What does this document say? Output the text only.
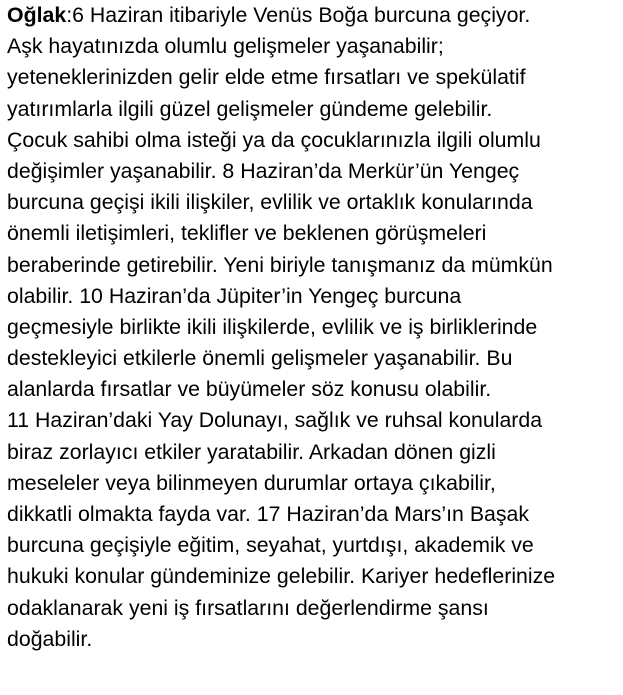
Oğlak:6 Haziran itibariyle Venüs Boğa burcuna geçiyor.
Aşk hayatınızda olumlu gelişmeler yaşanabilir;
yeteneklerinizden gelir elde etme fırsatları ve spekülatif
yatırımlarla ilgili güzel gelişmeler gündeme gelebilir.
Çocuk sahibi olma isteği ya da çocuklarınızla ilgili olumlu
değişimler yaşanabilir. 8 Haziran’da Merkür’ün Yengeç
burcuna geçişi ikili ilişkiler, evlilik ve ortaklık konularında
önemli iletişimleri, teklifler ve beklenen görüşmeleri
beraberinde getirebilir. Yeni biriyle tanışmanız da mümkün
olabilir. 10 Haziran’da Jüpiter’in Yengeç burcuna
geçmesiyle birlikte ikili ilişkilerde, evlilik ve iş birliklerinde
destekleyici etkilerle önemli gelişmeler yaşanabilir. Bu
alanlarda fırsatlar ve büyümeler söz konusu olabilir.
11 Haziran’daki Yay Dolunayı, sağlık ve ruhsal konularda
biraz zorlayıcı etkiler yaratabilir. Arkadan dönen gizli
meseleler veya bilinmeyen durumlar ortaya çıkabilir,
dikkatli olmakta fayda var. 17 Haziran’da Mars’ın Başak
burcuna geçişiyle eğitim, seyahat, yurtdışı, akademik ve
hukuki konular gündeminize gelebilir. Kariyer hedeflerinize
odaklanarak yeni iş fırsatlarını değerlendirme şansı
doğabilir.
